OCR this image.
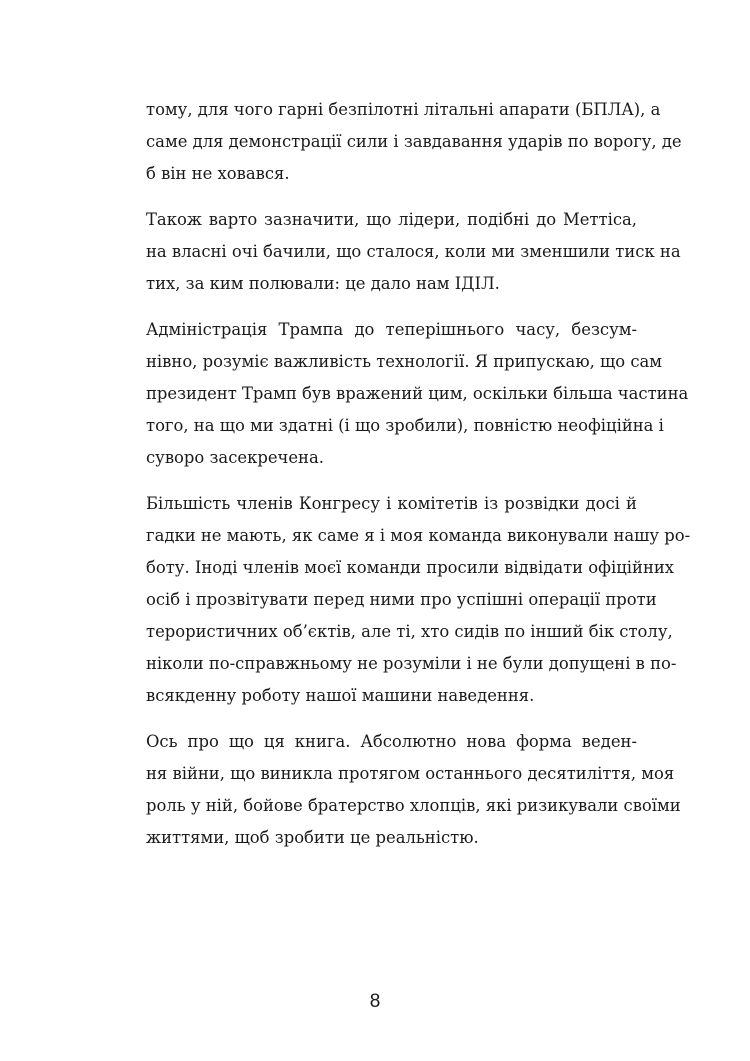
тому, для чого гарні безпілотні літальні апарати (БПЛА), а
саме для демонстрації сили і завдавання ударів по ворогу, де
б він не ховався.

Також варто зазначити, що лідери, подібні до Меттіса,
на власні очі бачили, що сталося, коли ми зменшили тиск на
тих, за ким полювали: це дало нам ІДІЛ.

Адміністрація Трампа до теперішнього часу, безсум-
нівно, розуміє важливість технології. Я припускаю, що сам
президент Трамп був вражений цим, оскільки більша частина
того, на що ми здатні (і що зробили), повністю неофіційна і
суворо засекречена.

Більшість членів Конгресу і комітетів із розвідки досі й
гадки не мають, як саме я і моя команда виконували нашу ро-
боту. Іноді членів моєї команди просили відвідати офіційних
осіб і прозвітувати перед ними про успішні операції проти
терористичних об’єктів, але ті, хто сидів по інший бік столу,
ніколи по-справжньому не розуміли і не були допущені в по-
всякденну роботу нашої машини наведення.

Ось про що ця книга. Абсолютно нова форма веден-
ня війни, що виникла протягом останнього десятиліття, моя
роль у ній, бойове братерство хлопців, які ризикували своїми
життями, щоб зробити це реальністю.

8
